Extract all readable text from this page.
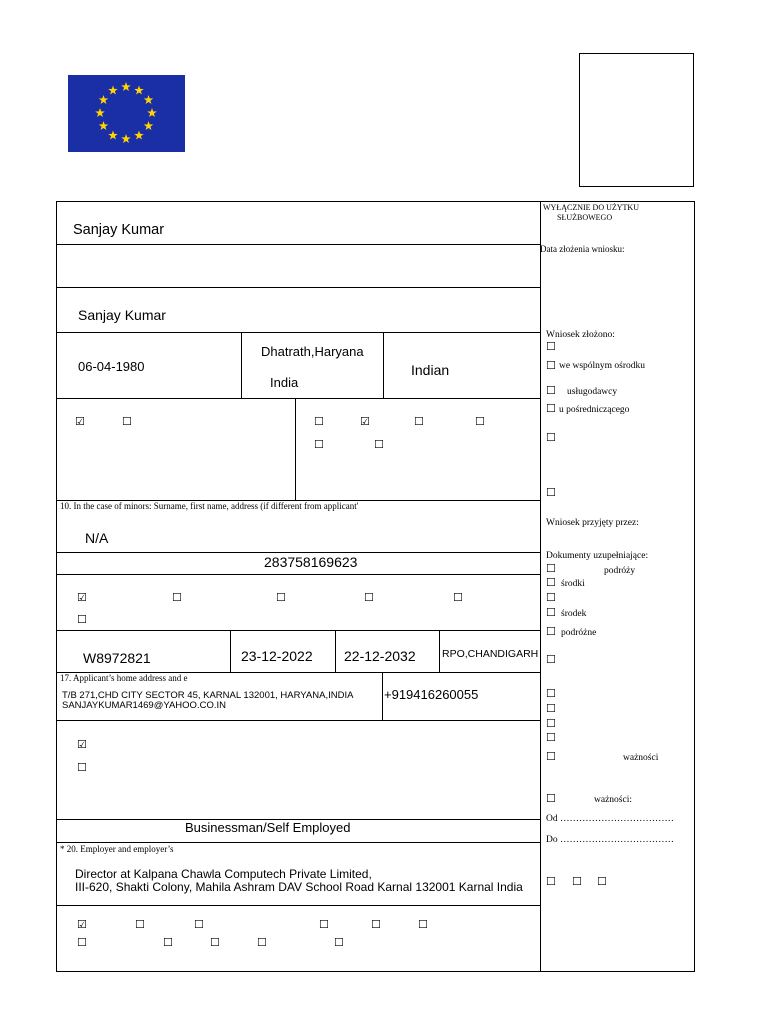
Sanjay Kumar
Sanjay Kumar
06-04-1980
Dhatrath,Haryana
India
Indian
☑	☐	☐	☑	☐	☐
☐	☐
10. In the case of minors: Surname, first name, address (if different from applicant'
N/A
283758169623
☑	☐	☐	☐	☐
☐
W8972821	23-12-2022 22-12-2032	RPO,CHANDIGARH
17. Applicant’s home address and e
T/B 271,CHD CITY SECTOR 45, KARNAL 132001, HARYANA,INDIA
SANJAYKUMAR1469@YAHOO.CO.IN
+919416260055
☑
☐
Businessman/Self Employed
* 20. Employer and employer’s
Director at Kalpana Chawla Computech Private Limited,
III-620, Shakti Colony, Mahila Ashram DAV School Road Karnal 132001 Karnal India
☑	☐	☐	☐	☐	☐
☐	☐	☐	☐	☐
WYŁĄCZNIE DO UŻYTKU
SŁUŻBOWEGO
Data złożenia wniosku:
Wniosek złożono:
☐
☐ we wspólnym ośrodku
☐ usługodawcy
☐ u pośredniczącego
☐
☐
Wniosek przyjęty przez:
Dokumenty uzupełniające:
☐	podróży
☐ środki
☐
☐ środek
☐ podróżne
☐
☐
☐
☐
☐
☐	ważności
☐	ważności:
Od ………………………………
Do ………………………………
☐ ☐ ☐
